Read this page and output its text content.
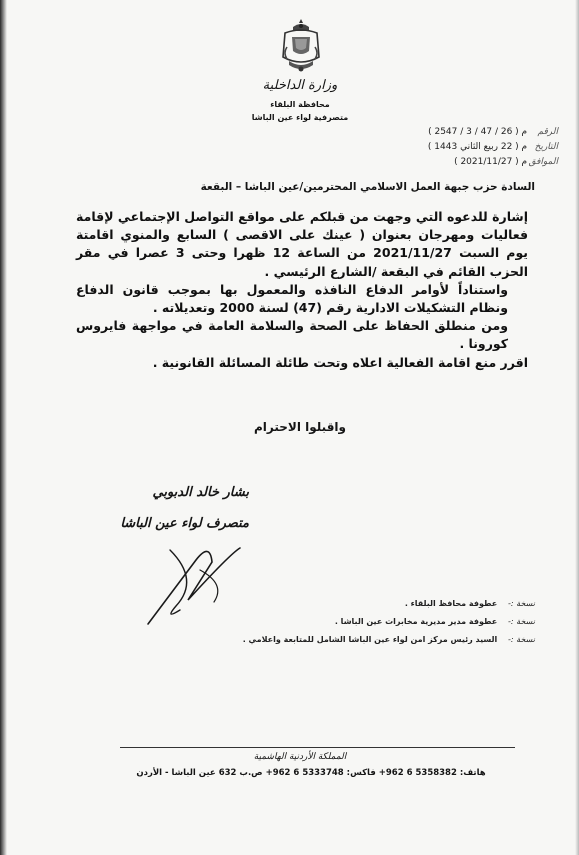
وزارة الداخلية
محافظة البلقاء
متصرفية لواء عين الباشا
الرقم م ( 26 / 47 / 3 / 2547 )
التاريخ م ( 22 ربيع الثاني 1443 )
الموافق م ( 2021/11/27 )
السادة حزب جبهة العمل الاسلامي المحترمين/عين الباشا – البقعة

إشارة للدعوه التي وجهت من قبلكم على مواقع التواصل الإجتماعي لإقامة فعاليات ومهرجان بعنوان ( عينك على الاقصى ) السابع والمنوي اقامتة يوم السبت 2021/11/27 من الساعة 12 ظهرا وحتى 3 عصرا في مقر الحزب القائم في البقعة /الشارع الرئيسي .

واستناداً لأوامر الدفاع النافذه والمعمول بها بموجب قانون الدفاع ونظام التشكيلات الادارية رقم (47) لسنة 2000 وتعديلاته .

ومن منطلق الحفاظ على الصحة والسلامة العامة في مواجهة فايروس كورونا .

اقرر منع اقامة الفعالية اعلاه وتحت طائلة المسائلة القانونية .

واقبلوا الاحترام
بشار خالد الدبوبي
متصرف لواء عين الباشا
نسخة :- عطوفة محافظ البلقاء .
نسخة :- عطوفة مدير مديرية مخابرات عين الباشا .
نسخة :- السيد رئيس مركز امن لواء عين الباشا الشامل للمتابعة واعلامي .
المملكة الأردنية الهاشمية
هاتف: 5358382 6 962+ فاكس: 5333748 6 962+ ص.ب 632 عين الباشا - الأردن
